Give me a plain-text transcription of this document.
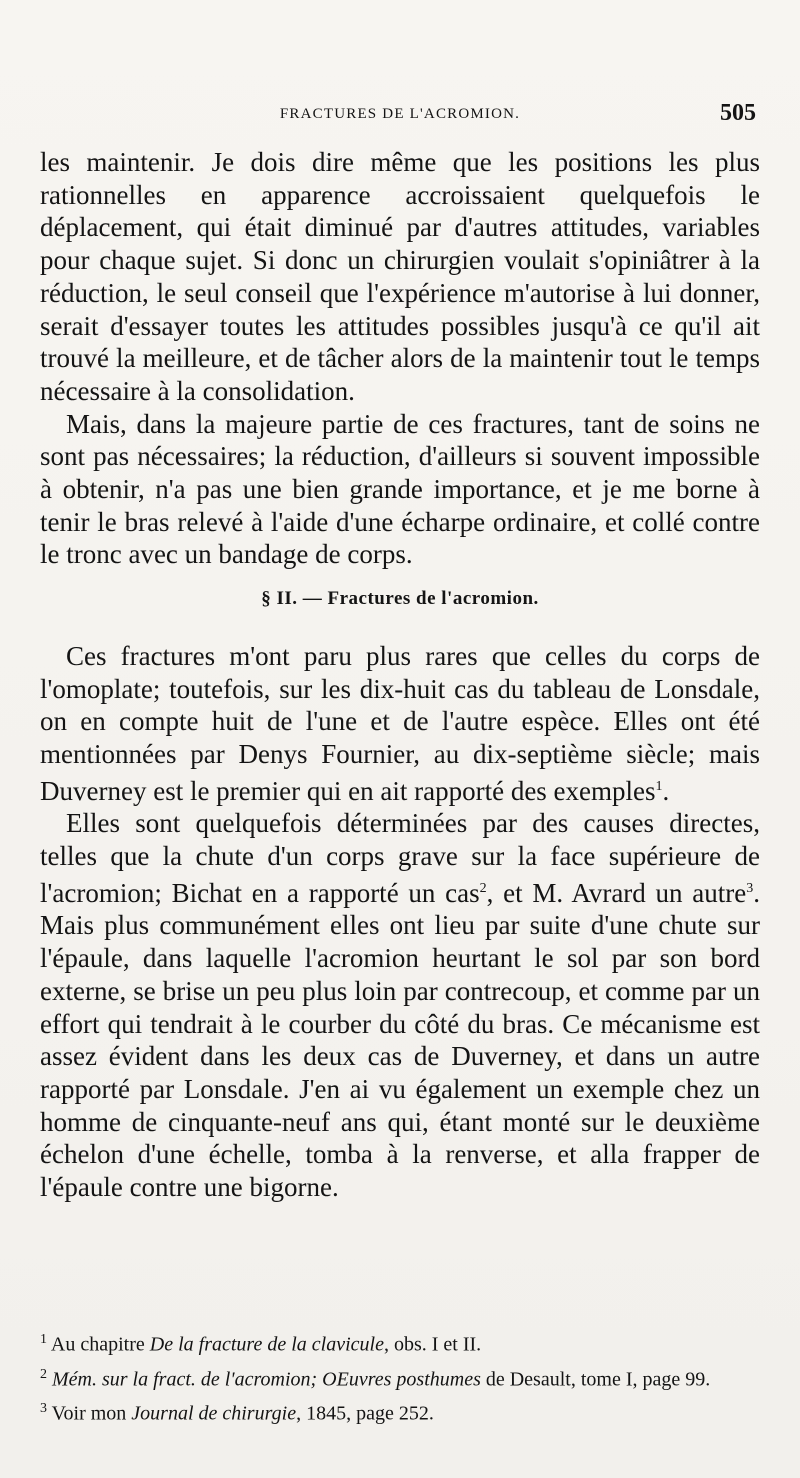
FRACTURES DE L'ACROMION.	505

les maintenir. Je dois dire même que les positions les plus rationnelles en apparence accroissaient quelquefois le déplacement, qui était diminué par d'autres attitudes, variables pour chaque sujet. Si donc un chirurgien voulait s'opiniâtrer à la réduction, le seul conseil que l'expérience m'autorise à lui donner, serait d'essayer toutes les attitudes possibles jusqu'à ce qu'il ait trouvé la meilleure, et de tâcher alors de la maintenir tout le temps nécessaire à la consolidation.

Mais, dans la majeure partie de ces fractures, tant de soins ne sont pas nécessaires; la réduction, d'ailleurs si souvent impossible à obtenir, n'a pas une bien grande importance, et je me borne à tenir le bras relevé à l'aide d'une écharpe ordinaire, et collé contre le tronc avec un bandage de corps.

§ II. — Fractures de l'acromion.

Ces fractures m'ont paru plus rares que celles du corps de l'omoplate; toutefois, sur les dix-huit cas du tableau de Lonsdale, on en compte huit de l'une et de l'autre espèce. Elles ont été mentionnées par Denys Fournier, au dix-septième siècle; mais Duverney est le premier qui en ait rapporté des exemples$^1$.

Elles sont quelquefois déterminées par des causes directes, telles que la chute d'un corps grave sur la face supérieure de l'acromion; Bichat en a rapporté un cas$^2$, et M. Avrard un autre$^3$. Mais plus communément elles ont lieu par suite d'une chute sur l'épaule, dans laquelle l'acromion heurtant le sol par son bord externe, se brise un peu plus loin par contrecoup, et comme par un effort qui tendrait à le courber du côté du bras. Ce mécanisme est assez évident dans les deux cas de Duverney, et dans un autre rapporté par Lonsdale. J'en ai vu également un exemple chez un homme de cinquante-neuf ans qui, étant monté sur le deuxième échelon d'une échelle, tomba à la renverse, et alla frapper de l'épaule contre une bigorne.

$^1$ Au chapitre De la fracture de la clavicule, obs. I et II.

$^2$ Mém. sur la fract. de l'acromion; OEuvres posthumes de Desault, tome I, page 99.

$^3$ Voir mon Journal de chirurgie, 1845, page 252.
